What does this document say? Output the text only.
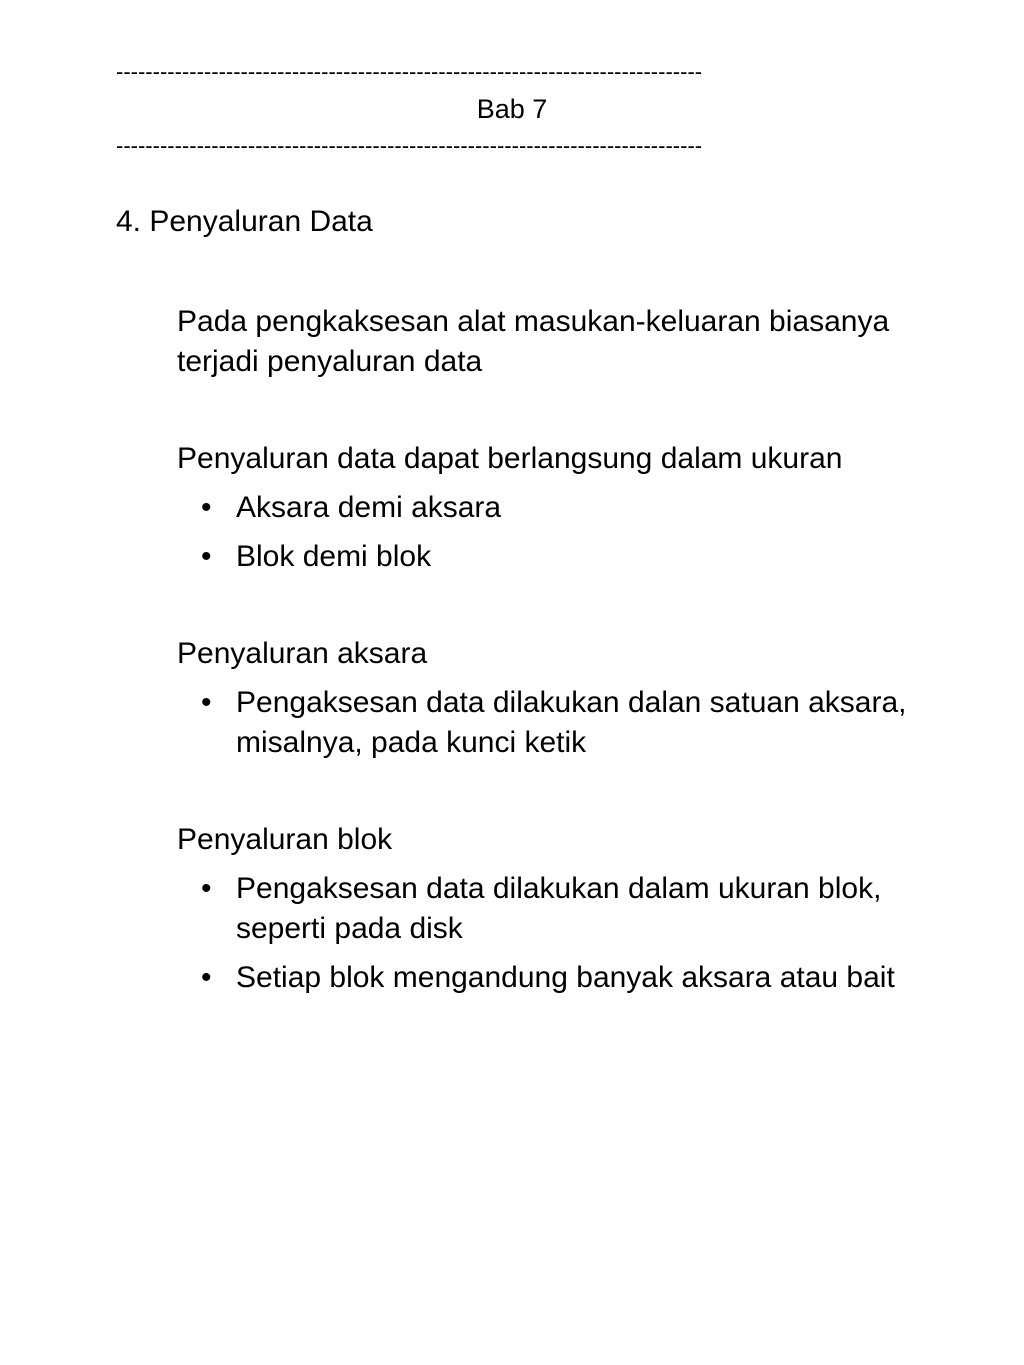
--------------------------------------------------------------------------------
Bab 7
--------------------------------------------------------------------------------
4. Penyaluran Data

Pada pengkaksesan alat masukan-keluaran biasanya terjadi penyaluran data

Penyaluran data dapat berlangsung dalam ukuran

• Aksara demi aksara
• Blok demi blok

Penyaluran aksara

• Pengaksesan data dilakukan dalan satuan aksara, misalnya, pada kunci ketik

Penyaluran blok

• Pengaksesan data dilakukan dalam ukuran blok, seperti pada disk
• Setiap blok mengandung banyak aksara atau bait
